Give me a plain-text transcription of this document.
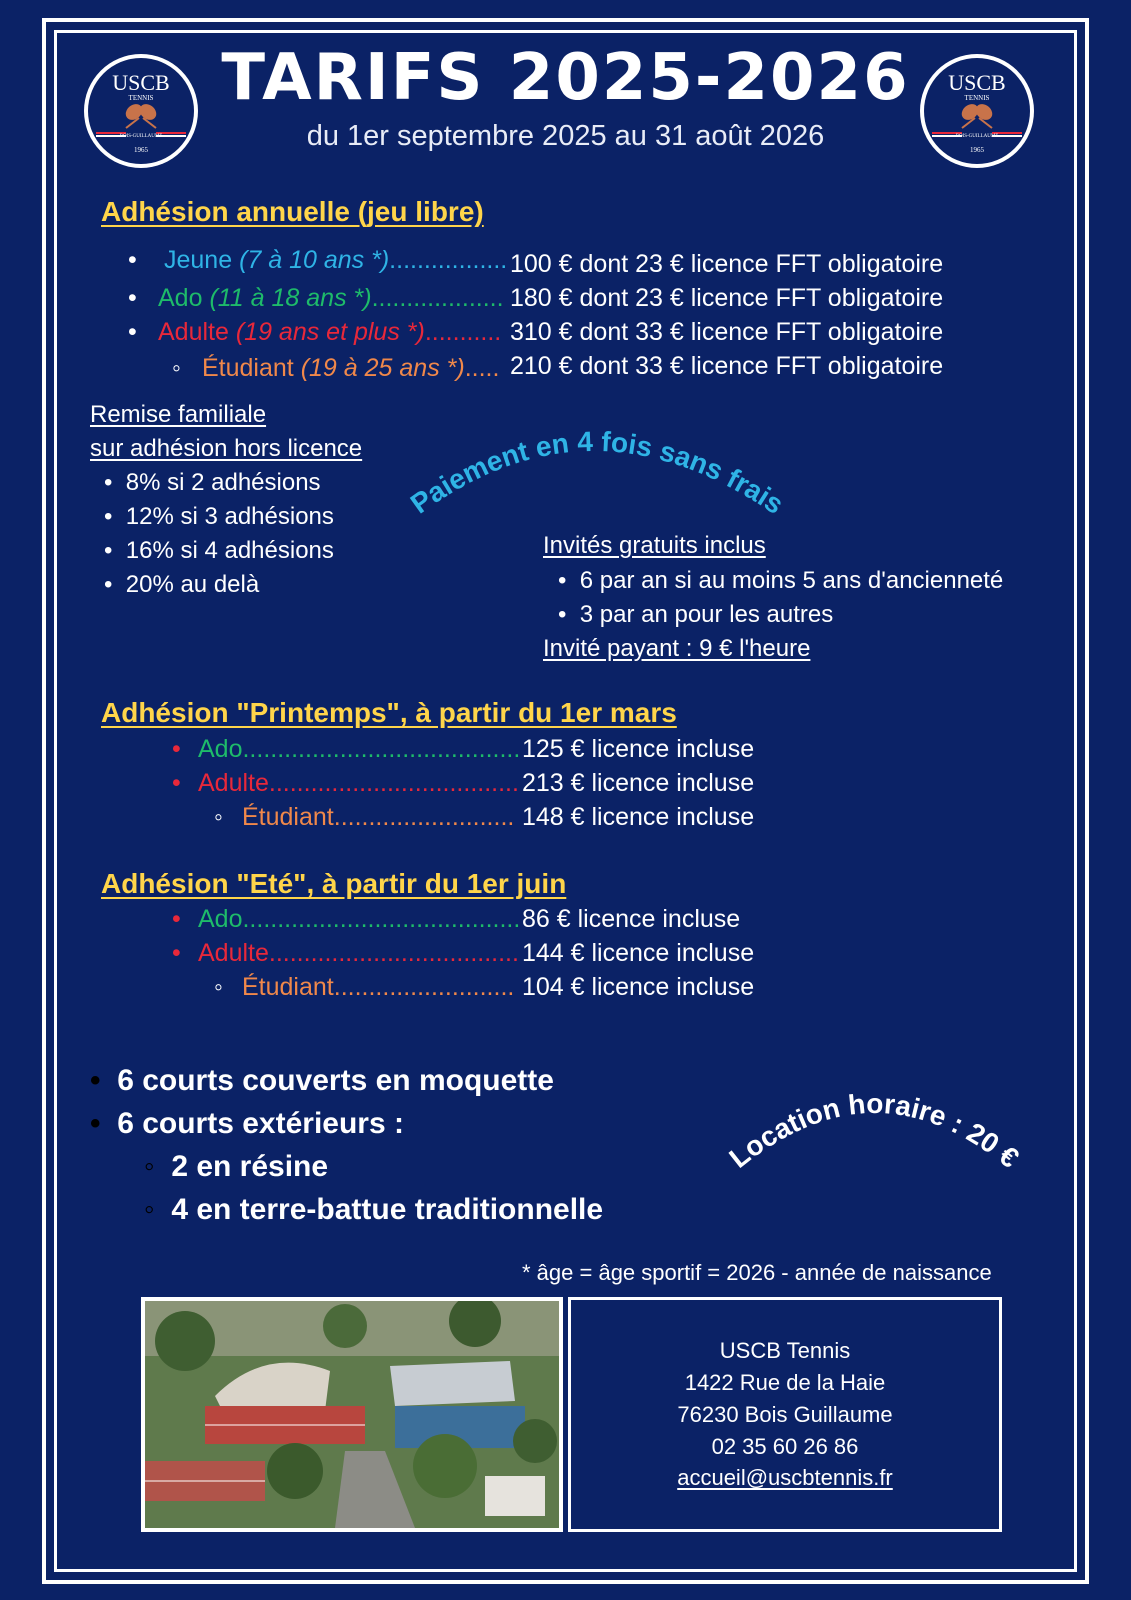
USCB
TENNIS
BOIS-GUILLAUME
1965
USCB
TENNIS
BOIS-GUILLAUME
1965
TARIFS 2025-2026
du 1er septembre 2025 au 31 août 2026
Adhésion annuelle (jeu libre)
• Jeune (7 à 10 ans *)................. 100 € dont 23 € licence FFT obligatoire
• Ado (11 à 18 ans *)................... 180 € dont 23 € licence FFT obligatoire
• Adulte (19 ans et plus *)........... 310 € dont 33 € licence FFT obligatoire
◦ Étudiant (19 à 25 ans *)..... 210 € dont 33 € licence FFT obligatoire
Remise familiale
sur adhésion hors licence
•  8% si 2 adhésions
•  12% si 3 adhésions
•  16% si 4 adhésions
•  20% au delà
Paiement en 4 fois sans frais
Invités gratuits inclus
•  6 par an si au moins 5 ans d'ancienneté
•  3 par an pour les autres
Invité payant : 9 € l'heure
Adhésion "Printemps", à partir du 1er mars
• Ado........................................ 125 € licence incluse
• Adulte.................................... 213 € licence incluse
◦ Étudiant.......................... 148 € licence incluse
Adhésion "Eté", à partir du 1er juin
• Ado........................................ 86 € licence incluse
• Adulte.................................... 144 € licence incluse
◦ Étudiant.......................... 104 € licence incluse
• 6 courts couverts en moquette
• 6 courts extérieurs :
◦ 2 en résine
◦ 4 en terre-battue traditionnelle
Location horaire : 20 €
* âge = âge sportif = 2026 - année de naissance
USCB Tennis
1422 Rue de la Haie
76230 Bois Guillaume
02 35 60 26 86
accueil@uscbtennis.fr
